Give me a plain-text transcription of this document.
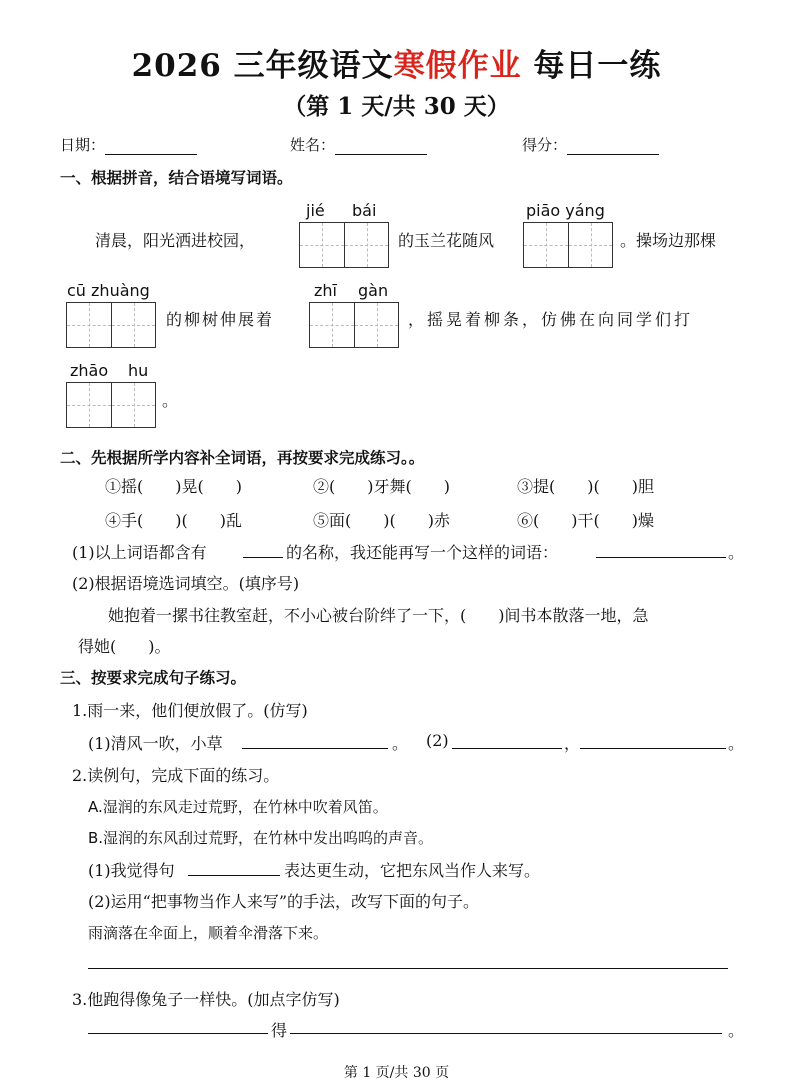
2026 三年级语文寒假作业 每日一练
（第 1 天/共 30 天）
日期：	姓名：	得分：
一、根据拼音，结合语境写词语。
jié bái	piāo yáng
清晨，阳光洒进校园，	的玉兰花随风	。操场边那棵
cū zhuàng	zhī gàn
的柳树伸展着	，摇晃着柳条，仿佛在向同学们打
zhāo hu
。
二、先根据所学内容补全词语，再按要求完成练习。。
①摇(　　)晃(　　)	②(　　)牙舞(　　)	③提(　　)(　　)胆
④手(　　)(　　)乱	⑤面(　　)(　　)赤	⑥(　　)干(　　)燥
(1)以上词语都含有	的名称，我还能再写一个这样的词语：	。
(2)根据语境选词填空。(填序号)
她抱着一摞书往教室赶，不小心被台阶绊了一下，(　　)间书本散落一地，急
得她(　　)。
三、按要求完成句子练习。
1.雨一来，他们便放假了。(仿写)
(1)清风一吹，小草	。 (2)	，	。
2.读例句，完成下面的练习。
A.湿润的东风走过荒野，在竹林中吹着风笛。
B.湿润的东风刮过荒野，在竹林中发出呜呜的声音。
(1)我觉得句	表达更生动，它把东风当作人来写。
(2)运用“把事物当作人来写”的手法，改写下面的句子。
雨滴落在伞面上，顺着伞滑落下来。
3.他跑得像兔子一样快。(加点字仿写)
得	。
第 1 页/共 30 页
